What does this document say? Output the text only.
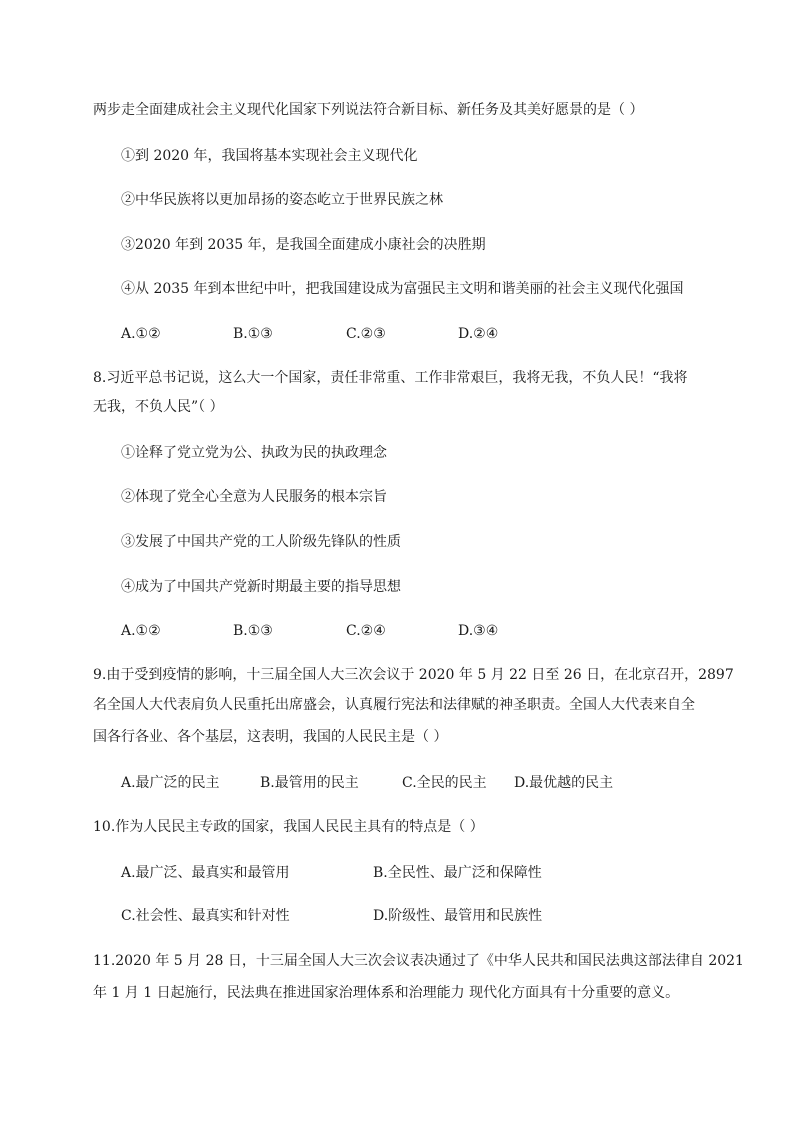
两步走全面建成社会主义现代化国家下列说法符合新目标、新任务及其美好愿景的是（ ）
①到 2020 年，我国将基本实现社会主义现代化
②中华民族将以更加昂扬的姿态屹立于世界民族之林
③2020 年到 2035 年，是我国全面建成小康社会的决胜期
④从 2035 年到本世纪中叶，把我国建设成为富强民主文明和谐美丽的社会主义现代化强国
A.①②	B.①③	C.②③	D.②④
8.习近平总书记说，这么大一个国家，责任非常重、工作非常艰巨，我将无我，不负人民！“我将
无我，不负人民”（ ）
①诠释了党立党为公、执政为民的执政理念
②体现了党全心全意为人民服务的根本宗旨
③发展了中国共产党的工人阶级先锋队的性质
④成为了中国共产党新时期最主要的指导思想
A.①②	B.①③	C.②④	D.③④
9.由于受到疫情的影响，十三届全国人大三次会议于 2020 年 5 月 22 日至 26 日，在北京召开，2897
名全国人大代表肩负人民重托出席盛会，认真履行宪法和法律赋的神圣职责。全国人大代表来自全
国各行各业、各个基层，这表明，我国的人民民主是（ ）
A.最广泛的民主	B.最管用的民主	C.全民的民主 D.最优越的民主
10.作为人民民主专政的国家，我国人民民主具有的特点是（ ）
A.最广泛、最真实和最管用	B.全民性、最广泛和保障性
C.社会性、最真实和针对性	D.阶级性、最管用和民族性
11.2020 年 5 月 28 日，十三届全国人大三次会议表决通过了《中华人民共和国民法典这部法律自 2021
年 1 月 1 日起施行，民法典在推进国家治理体系和治理能力 现代化方面具有十分重要的意义。
